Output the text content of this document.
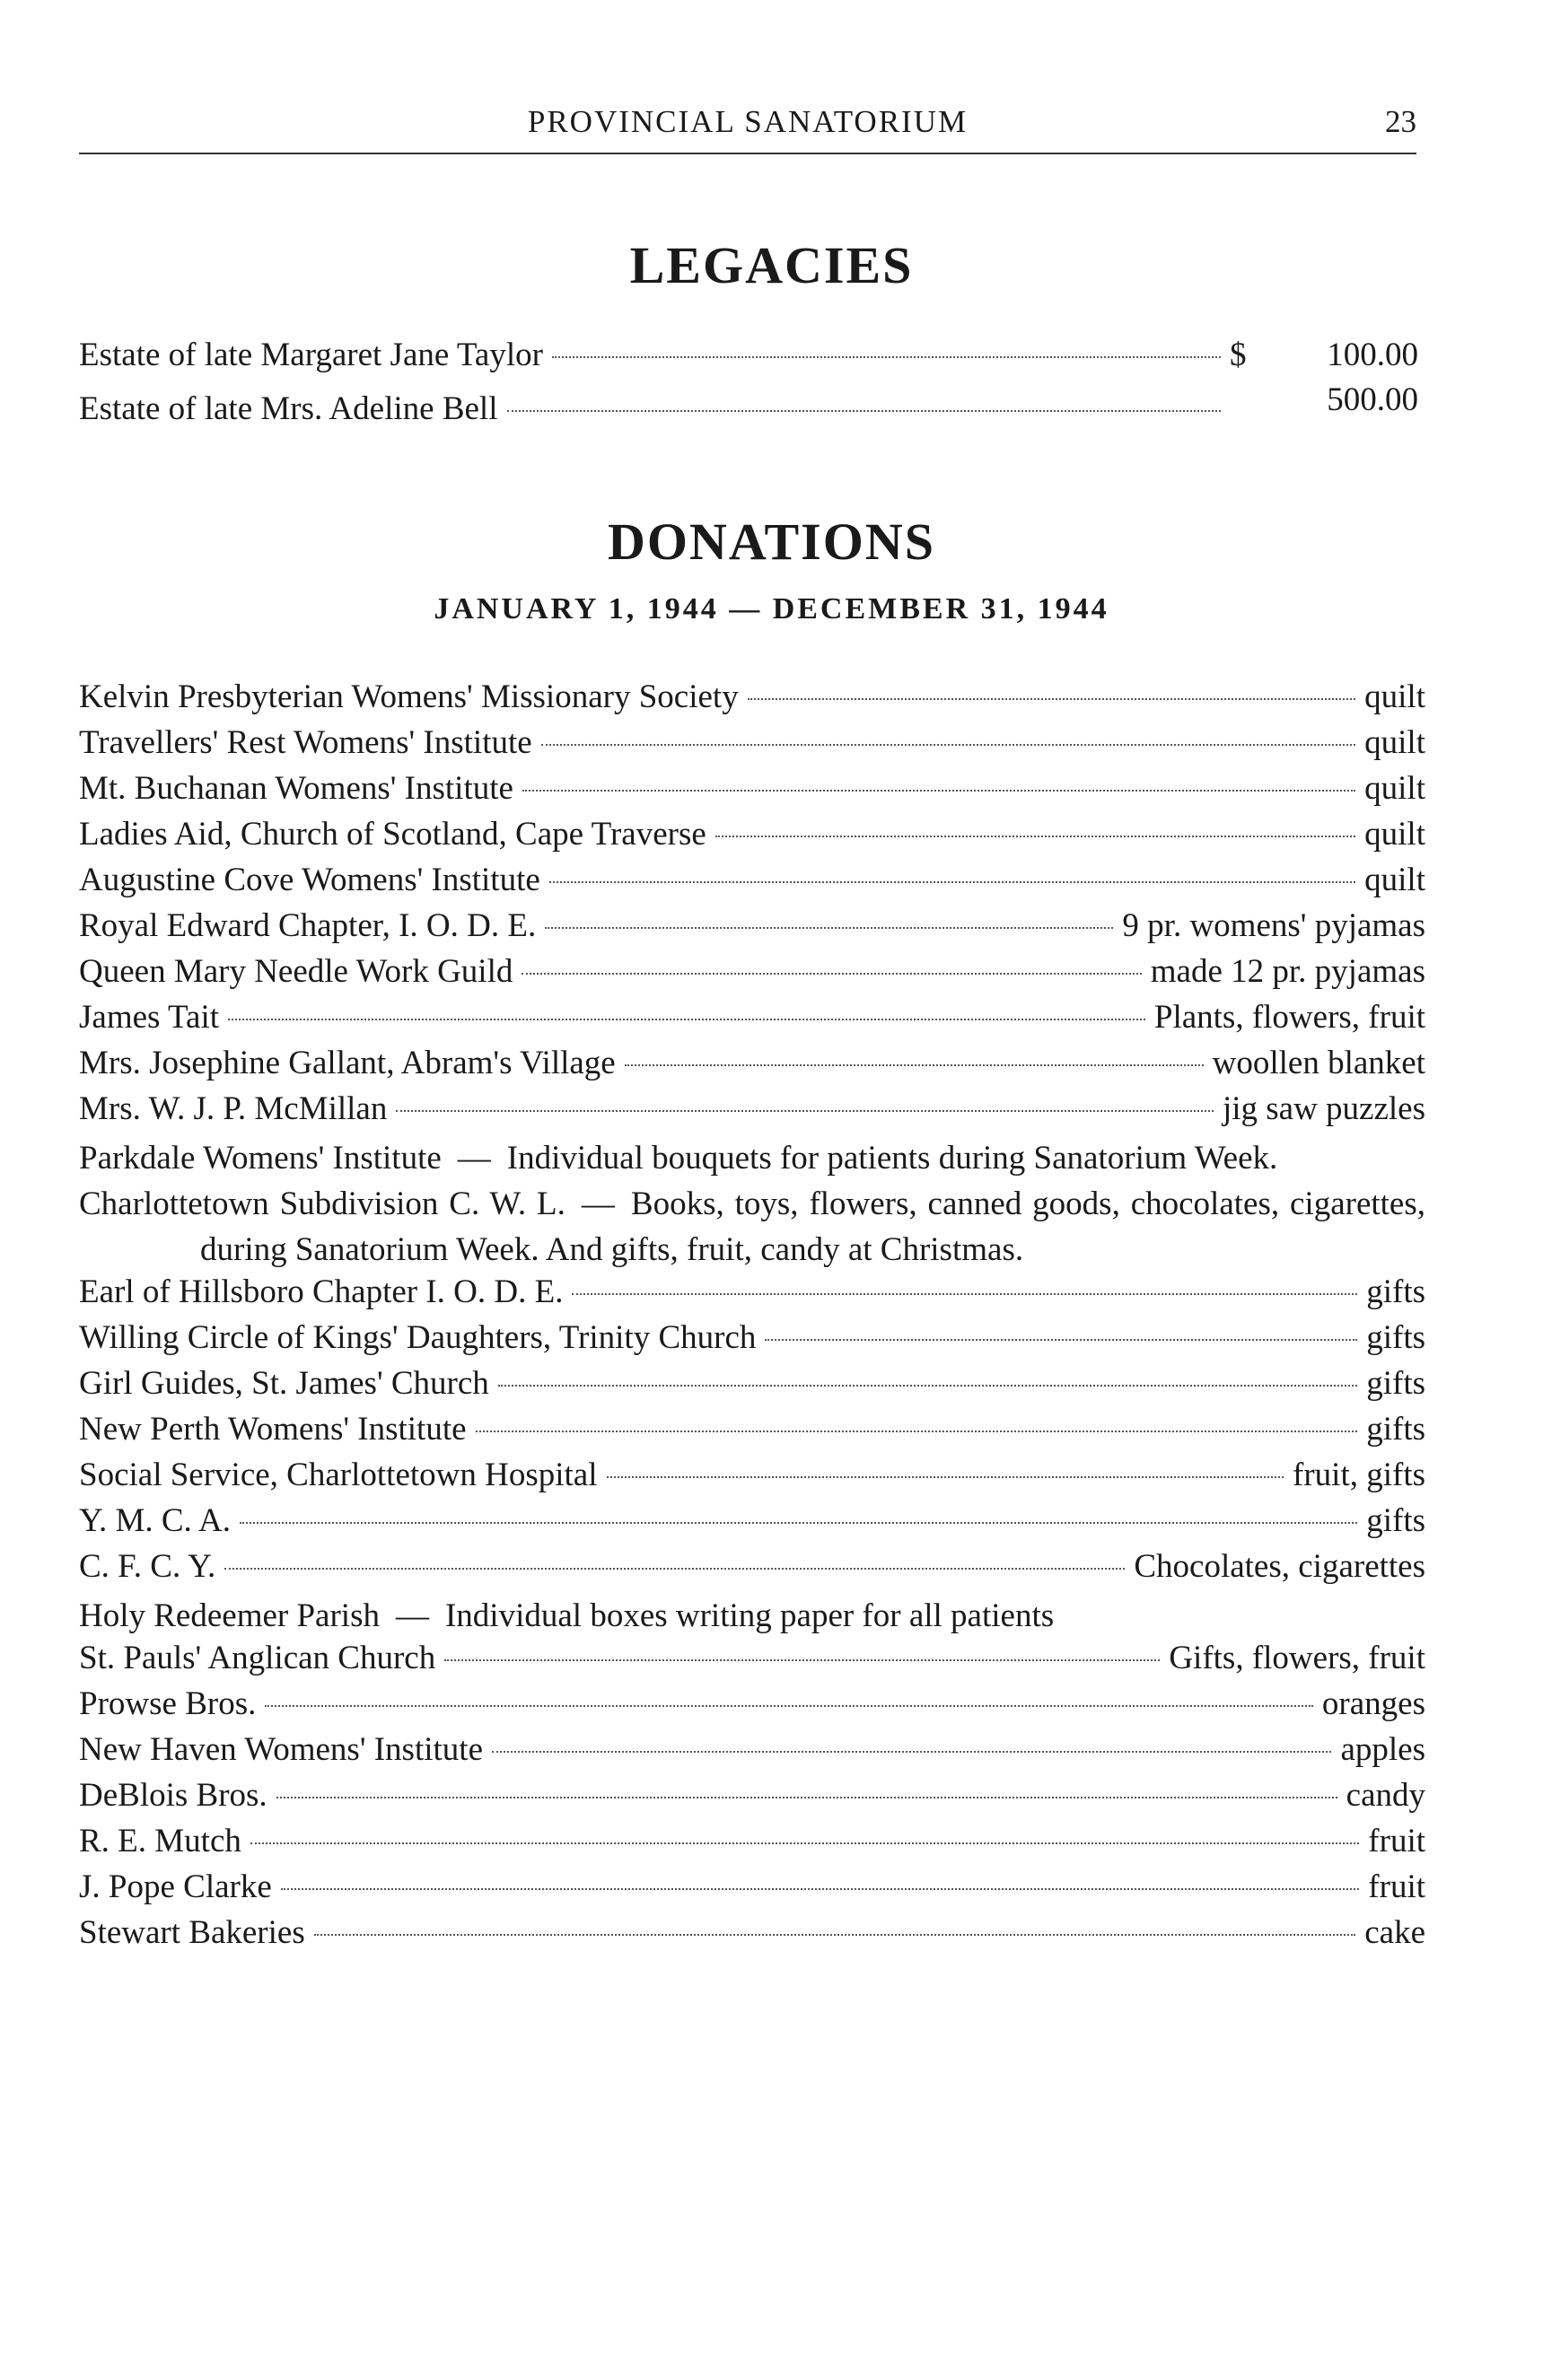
PROVINCIAL SANATORIUM	23
LEGACIES
Estate of late Margaret Jane Taylor	$ 100.00
Estate of late Mrs. Adeline Bell	500.00
DONATIONS
JANUARY 1, 1944 — DECEMBER 31, 1944
Kelvin Presbyterian Womens' Missionary Society	quilt
Travellers' Rest Womens' Institute	quilt
Mt. Buchanan Womens' Institute	quilt
Ladies Aid, Church of Scotland, Cape Traverse	quilt
Augustine Cove Womens' Institute	quilt
Royal Edward Chapter, I. O. D. E.	9 pr. womens' pyjamas
Queen Mary Needle Work Guild	made 12 pr. pyjamas
James Tait	Plants, flowers, fruit
Mrs. Josephine Gallant, Abram's Village	woollen blanket
Mrs. W. J. P. McMillan	jig saw puzzles
Parkdale Womens' Institute — Individual bouquets for patients during Sanatorium Week.
Charlottetown Subdivision C. W. L. — Books, toys, flowers, canned goods, chocolates, cigarettes, during Sanatorium Week. And gifts, fruit, candy at Christmas.
Earl of Hillsboro Chapter I. O. D. E.	gifts
Willing Circle of Kings' Daughters, Trinity Church	gifts
Girl Guides, St. James' Church	gifts
New Perth Womens' Institute	gifts
Social Service, Charlottetown Hospital	fruit, gifts
Y. M. C. A.	gifts
C. F. C. Y.	Chocolates, cigarettes
Holy Redeemer Parish — Individual boxes writing paper for all patients
St. Pauls' Anglican Church	Gifts, flowers, fruit
Prowse Bros.	oranges
New Haven Womens' Institute	apples
DeBlois Bros.	candy
R. E. Mutch	fruit
J. Pope Clarke	fruit
Stewart Bakeries	cake
